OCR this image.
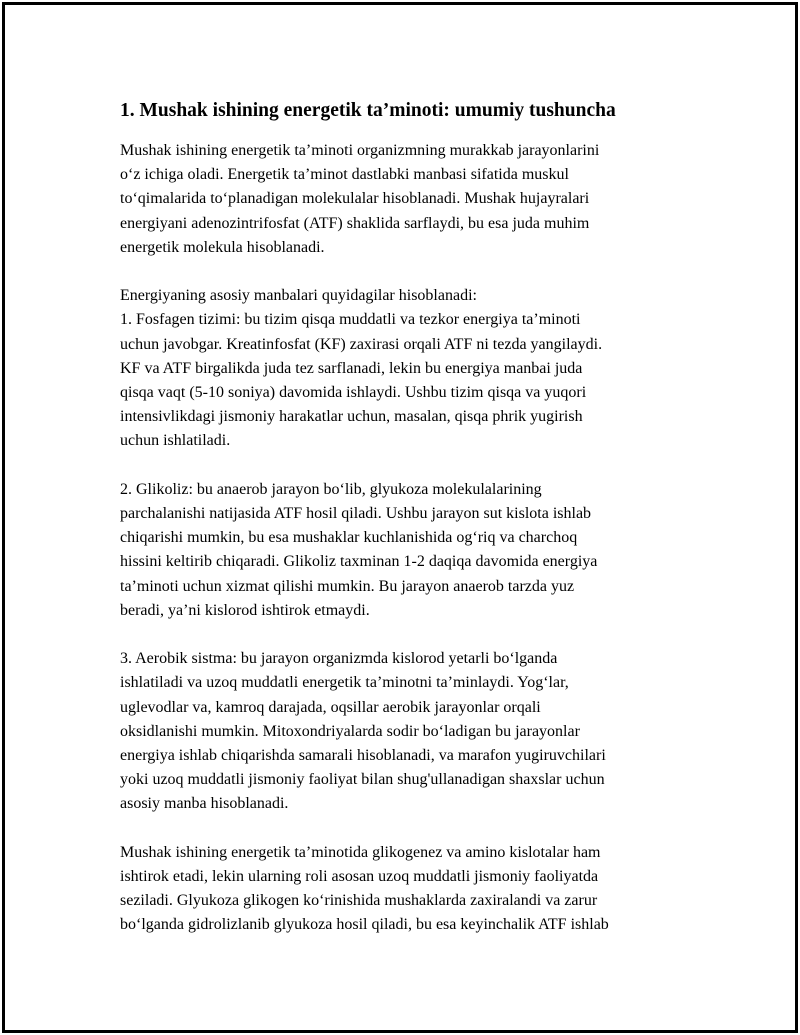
1. Mushak ishining energetik ta’minoti: umumiy tushuncha
Mushak ishining energetik ta’minoti organizmning murakkab jarayonlarini
o‘z ichiga oladi. Energetik ta’minot dastlabki manbasi sifatida muskul
to‘qimalarida to‘planadigan molekulalar hisoblanadi. Mushak hujayralari
energiyani adenozintrifosfat (ATF) shaklida sarflaydi, bu esa juda muhim
energetik molekula hisoblanadi.
Energiyaning asosiy manbalari quyidagilar hisoblanadi:
1. Fosfagen tizimi: bu tizim qisqa muddatli va tezkor energiya ta’minoti
uchun javobgar. Kreatinfosfat (KF) zaxirasi orqali ATF ni tezda yangilaydi.
KF va ATF birgalikda juda tez sarflanadi, lekin bu energiya manbai juda
qisqa vaqt (5-10 soniya) davomida ishlaydi. Ushbu tizim qisqa va yuqori
intensivlikdagi jismoniy harakatlar uchun, masalan, qisqa phrik yugirish
uchun ishlatiladi.
2. Glikoliz: bu anaerob jarayon bo‘lib, glyukoza molekulalarining
parchalanishi natijasida ATF hosil qiladi. Ushbu jarayon sut kislota ishlab
chiqarishi mumkin, bu esa mushaklar kuchlanishida og‘riq va charchoq
hissini keltirib chiqaradi. Glikoliz taxminan 1-2 daqiqa davomida energiya
ta’minoti uchun xizmat qilishi mumkin. Bu jarayon anaerob tarzda yuz
beradi, ya’ni kislorod ishtirok etmaydi.
3. Aerobik sistma: bu jarayon organizmda kislorod yetarli bo‘lganda
ishlatiladi va uzoq muddatli energetik ta’minotni ta’minlaydi. Yog‘lar,
uglevodlar va, kamroq darajada, oqsillar aerobik jarayonlar orqali
oksidlanishi mumkin. Mitoxondriyalarda sodir bo‘ladigan bu jarayonlar
energiya ishlab chiqarishda samarali hisoblanadi, va marafon yugiruvchilari
yoki uzoq muddatli jismoniy faoliyat bilan shug'ullanadigan shaxslar uchun
asosiy manba hisoblanadi.
Mushak ishining energetik ta’minotida glikogenez va amino kislotalar ham
ishtirok etadi, lekin ularning roli asosan uzoq muddatli jismoniy faoliyatda
seziladi. Glyukoza glikogen ko‘rinishida mushaklarda zaxiralandi va zarur
bo‘lganda gidrolizlanib glyukoza hosil qiladi, bu esa keyinchalik ATF ishlab
